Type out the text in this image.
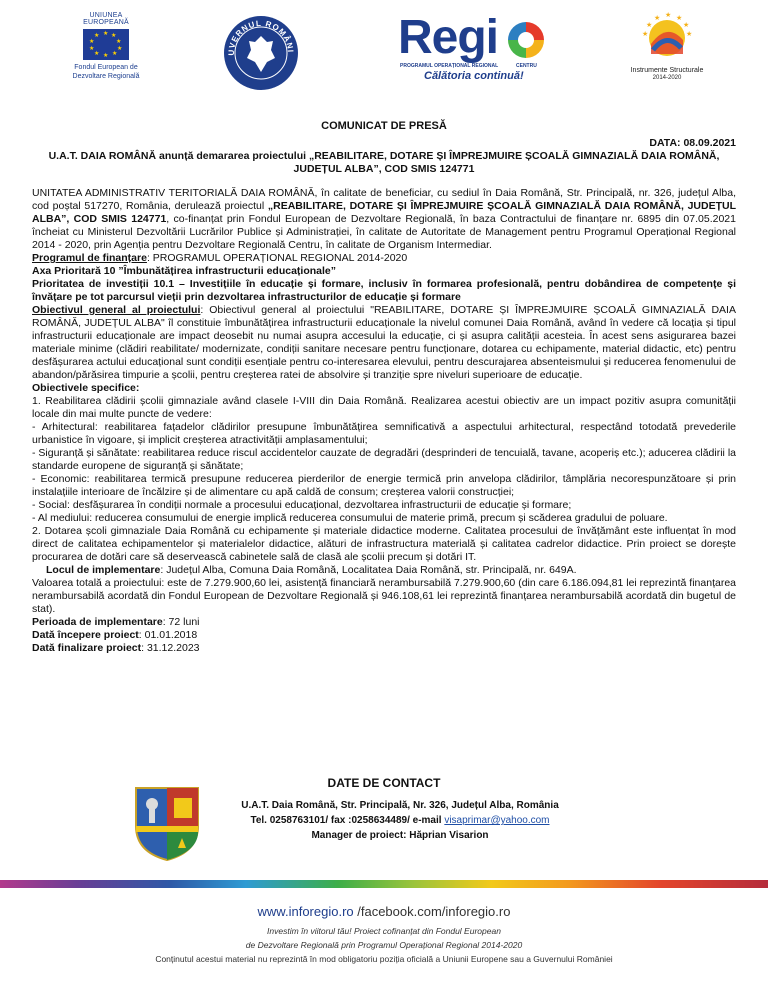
UNIUNEA EUROPEANĂ
★ ★
★
★
★
★
★
★
★
★
Fondul European de
Dezvoltare Regională
UVERNUL ROMÂNI Regi
PROGRAMUL OPERAȚIONAL REGIONAL	CENTRU
Călătoria continuă!
★ ★
★
★
★
★
★
Instrumente Structurale
2014-2020
COMUNICAT DE PRESĂ
DATA: 08.09.2021
U.A.T. DAIA ROMÂNĂ anunță demararea proiectului „REABILITARE, DOTARE ȘI ÎMPREJMUIRE ȘCOALĂ GIMNAZIALĂ DAIA ROMÂNĂ, JUDEȚUL ALBA”, COD SMIS 124771

UNITATEA ADMINISTRATIV TERITORIALĂ DAIA ROMÂNĂ, în calitate de beneficiar, cu sediul în Daia Română, Str. Principală, nr. 326, județul Alba, cod poștal 517270, România, derulează proiectul „REABILITARE, DOTARE ȘI ÎMPREJMUIRE ȘCOALĂ GIMNAZIALĂ DAIA ROMÂNĂ, JUDEȚUL ALBA”, COD SMIS 124771, co-finanțat prin Fondul European de Dezvoltare Regională, în baza Contractului de finanțare nr. 6895 din 07.05.2021 încheiat cu Ministerul Dezvoltării Lucrărilor Publice și Administrației, în calitate de Autoritate de Management pentru Programul Operațional Regional 2014 - 2020, prin Agenția pentru Dezvoltare Regională Centru, în calitate de Organism Intermediar.

Programul de finanțare: PROGRAMUL OPERAȚIONAL REGIONAL 2014-2020

Axa Prioritară 10 ”Îmbunătățirea infrastructurii educaționale”

Prioritatea de investiții 10.1 – Investițiile în educație și formare, inclusiv în formarea profesională, pentru dobândirea de competențe și învățare pe tot parcursul vieții prin dezvoltarea infrastructurilor de educație și formare

Obiectivul general al proiectului: Obiectivul general al proiectului "REABILITARE, DOTARE ȘI ÎMPREJMUIRE ȘCOALĂ GIMNAZIALĂ DAIA ROMÂNĂ, JUDEȚUL ALBA" îl constituie îmbunătățirea infrastructurii educaționale la nivelul comunei Daia Română, având în vedere că locația și tipul infrastructurii educaționale are impact deosebit nu numai asupra accesului la educație, ci și asupra calității acesteia. În acest sens asigurarea bazei materiale minime (clădiri reabilitate/ modernizate, condiții sanitare necesare pentru funcționare, dotarea cu echipamente, material didactic, etc) pentru desfășurarea actului educațional sunt condiții esențiale pentru co-interesarea elevului, pentru descurajarea absenteismului și reducerea fenomenului de abandon/părăsirea timpurie a școlii, pentru creșterea ratei de absolvire și tranziție spre niveluri superioare de educație.

Obiectivele specifice:

1. Reabilitarea clădirii școlii gimnaziale având clasele I-VIII din Daia Română. Realizarea acestui obiectiv are un impact pozitiv asupra comunității locale din mai multe puncte de vedere:

- Arhitectural: reabilitarea fațadelor clădirilor presupune îmbunătățirea semnificativă a aspectului arhitectural, respectând totodată prevederile urbanistice în vigoare, și implicit creșterea atractivității amplasamentului;

- Siguranță și sănătate: reabilitarea reduce riscul accidentelor cauzate de degradări (desprinderi de tencuială, tavane, acoperiș etc.); aducerea clădirii la standarde europene de siguranță și sănătate;

- Economic: reabilitarea termică presupune reducerea pierderilor de energie termică prin anvelopa clădirilor, tâmplăria necorespunzătoare și prin instalațiile interioare de încălzire și de alimentare cu apă caldă de consum; creșterea valorii construcției;

- Social: desfășurarea în condiții normale a procesului educațional, dezvoltarea infrastructurii de educație și formare;

- Al mediului: reducerea consumului de energie implică reducerea consumului de materie primă, precum și scăderea gradului de poluare.

2. Dotarea școli gimnaziale Daia Română cu echipamente și materiale didactice moderne. Calitatea procesului de învățământ este influențat în mod direct de calitatea echipamentelor și materialelor didactice, alături de infrastructura materială și calitatea cadrelor didactice. Prin proiect se dorește procurarea de dotări care să deservească cabinetele sală de clasă ale școlii precum și dotări IT.

Locul de implementare: Județul Alba, Comuna Daia Română, Localitatea Daia Română, str. Principală, nr. 649A.

Valoarea totală a proiectului: este de 7.279.900,60 lei, asistență financiară nerambursabilă 7.279.900,60 (din care 6.186.094,81 lei reprezintă finanțarea nerambursabilă acordată din Fondul European de Dezvoltare Regională și 946.108,61 lei reprezintă finanțarea nerambursabilă acordată din bugetul de stat).

Perioada de implementare: 72 luni

Dată începere proiect: 01.01.2018

Dată finalizare proiect: 31.12.2023

DATE DE CONTACT
U.A.T. Daia Română, Str. Principală, Nr. 326, Județul Alba, România
Tel. 0258763101/ fax :0258634489/ e-mail visaprimar@yahoo.com
Manager de proiect: Hăprian Visarion
www.inforegio.ro /facebook.com/inforegio.ro
Investim în viitorul tău! Proiect cofinanțat din Fondul European
de Dezvoltare Regională prin Programul Operațional Regional 2014-2020
Conținutul acestui material nu reprezintă în mod obligatoriu poziția oficială a Uniunii Europene sau a Guvernului României
